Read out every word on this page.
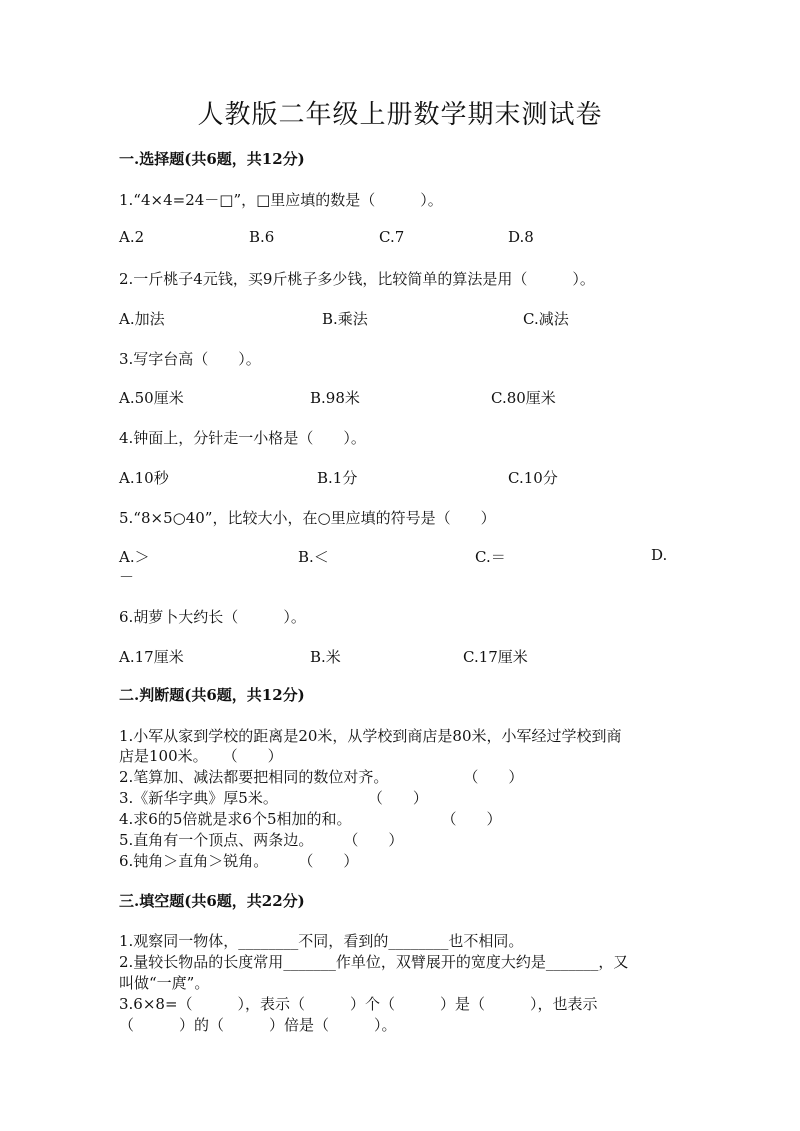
人教版二年级上册数学期末测试卷
一.选择题(共6题，共12分)
1.“4×4=24－□”，□里应填的数是（　　　）。
A.2	B.6	C.7	D.8
2.一斤桃子4元钱，买9斤桃子多少钱，比较简单的算法是用（　　　）。
A.加法	B.乘法	C.减法
3.写字台高（　　）。
A.50厘米	B.98米	C.80厘米
4.钟面上，分针走一小格是（　　）。
A.10秒	B.1分	C.10分
5.“8×5○40”，比较大小，在○里应填的符号是（　　）
A.＞	B.＜	C.＝	D.
－
6.胡萝卜大约长（　　　）。
A.17厘米	B.米	C.17厘米
二.判断题(共6题，共12分)
1.小军从家到学校的距离是20米，从学校到商店是80米，小军经过学校到商
店是100米。　　（　　）
2.笔算加、减法都要把相同的数位对齐。　　　　　　（　　）
3.《新华字典》厚5米。　　　　　　　（　　）
4.求6的5倍就是求6个5相加的和。　　　　　　　（　　）
5.直角有一个顶点、两条边。　　　（　　）
6.钝角＞直角＞锐角。　　　（　　）
三.填空题(共6题，共22分)
1.观察同一物体，________不同，看到的________也不相同。
2.量较长物品的长度常用_______作单位，双臂展开的宽度大约是_______，又
叫做“一庹”。
3.6×8=（　　　），表示（　　　）个（　　　）是（　　　），也表示
（　　　）的（　　　）倍是（　　　）。
